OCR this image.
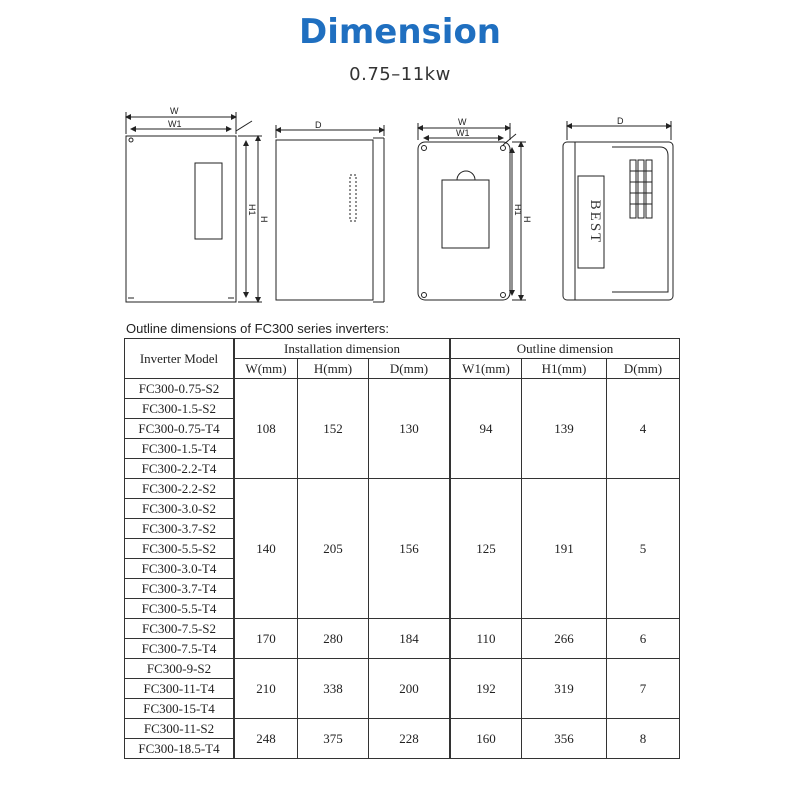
Dimension
0.75–11kw
W
W1
H
H1
D	W
W1
H
H1
D
BEST
Outline dimensions of FC300 series inverters:
Inverter Model	Installation dimension			Outline dimension		
	W(mm)	H(mm)	D(mm)	W1(mm)	H1(mm)	D(mm)
FC300-0.75-S2	108	152	130	94	139	4
FC300-1.5-S2						
FC300-0.75-T4						
FC300-1.5-T4						
FC300-2.2-T4						
FC300-2.2-S2	140	205	156	125	191	5
FC300-3.0-S2						
FC300-3.7-S2						
FC300-5.5-S2						
FC300-3.0-T4						
FC300-3.7-T4						
FC300-5.5-T4						
FC300-7.5-S2	170	280	184	110	266	6
FC300-7.5-T4						
FC300-9-S2	210	338	200	192	319	7
FC300-11-T4						
FC300-15-T4						
FC300-11-S2	248	375	228	160	356	8
FC300-18.5-T4						
